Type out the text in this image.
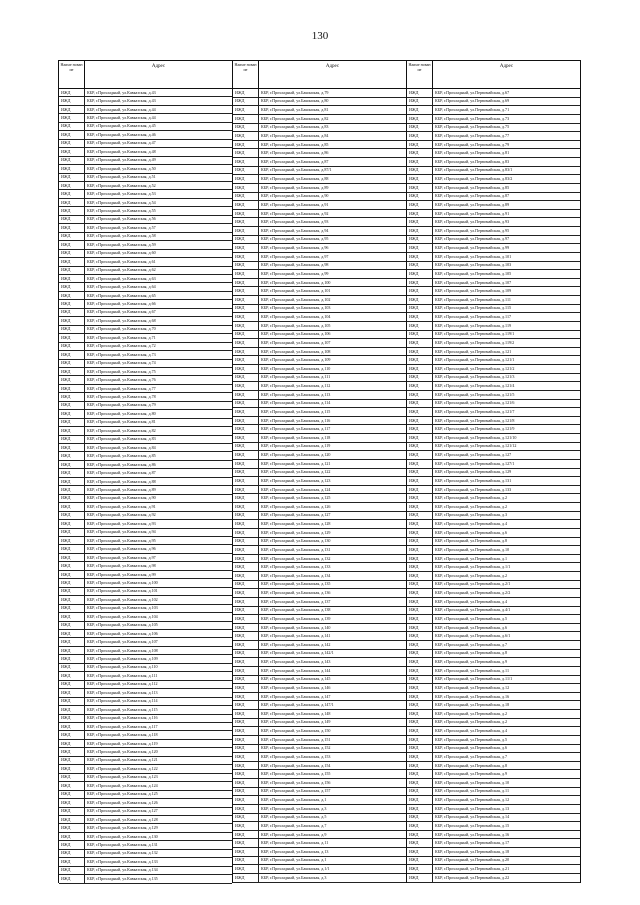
130
Наиме нован ие	Адрес
ИЖД	КБР, г.Прохладный, ул.Кавказская, д.43
ИЖД	КБР, г.Прохладный, ул.Кавказская, д.43
ИЖД	КБР, г.Прохладный, ул.Кавказская, д.44
ИЖД	КБР, г.Прохладный, ул.Кавказская, д.44
ИЖД	КБР, г.Прохладный, ул.Кавказская, д.45
ИЖД	КБР, г.Прохладный, ул.Кавказская, д.46
ИЖД	КБР, г.Прохладный, ул.Кавказская, д.47
ИЖД	КБР, г.Прохладный, ул.Кавказская, д.48
ИЖД	КБР, г.Прохладный, ул.Кавказская, д.49
ИЖД	КБР, г.Прохладный, ул.Кавказская, д.50
ИЖД	КБР, г.Прохладный, ул.Кавказская, д.51
ИЖД	КБР, г.Прохладный, ул.Кавказская, д.52
ИЖД	КБР, г.Прохладный, ул.Кавказская, д.53
ИЖД	КБР, г.Прохладный, ул.Кавказская, д.54
ИЖД	КБР, г.Прохладный, ул.Кавказская, д.55
ИЖД	КБР, г.Прохладный, ул.Кавказская, д.56
ИЖД	КБР, г.Прохладный, ул.Кавказская, д.57
ИЖД	КБР, г.Прохладный, ул.Кавказская, д.58
ИЖД	КБР, г.Прохладный, ул.Кавказская, д.59
ИЖД	КБР, г.Прохладный, ул.Кавказская, д.60
ИЖД	КБР, г.Прохладный, ул.Кавказская, д.61
ИЖД	КБР, г.Прохладный, ул.Кавказская, д.62
ИЖД	КБР, г.Прохладный, ул.Кавказская, д.63
ИЖД	КБР, г.Прохладный, ул.Кавказская, д.64
ИЖД	КБР, г.Прохладный, ул.Кавказская, д.65
ИЖД	КБР, г.Прохладный, ул.Кавказская, д.66
ИЖД	КБР, г.Прохладный, ул.Кавказская, д.67
ИЖД	КБР, г.Прохладный, ул.Кавказская, д.68
ИЖД	КБР, г.Прохладный, ул.Кавказская, д.70
ИЖД	КБР, г.Прохладный, ул.Кавказская, д.71
ИЖД	КБР, г.Прохладный, ул.Кавказская, д.72
ИЖД	КБР, г.Прохладный, ул.Кавказская, д.73
ИЖД	КБР, г.Прохладный, ул.Кавказская, д.74
ИЖД	КБР, г.Прохладный, ул.Кавказская, д.75
ИЖД	КБР, г.Прохладный, ул.Кавказская, д.76
ИЖД	КБР, г.Прохладный, ул.Кавказская, д.77
ИЖД	КБР, г.Прохладный, ул.Кавказская, д.78
ИЖД	КБР, г.Прохладный, ул.Кавказская, д.79
ИЖД	КБР, г.Прохладный, ул.Кавказская, д.80
ИЖД	КБР, г.Прохладный, ул.Кавказская, д.81
ИЖД	КБР, г.Прохладный, ул.Кавказская, д.82
ИЖД	КБР, г.Прохладный, ул.Кавказская, д.83
ИЖД	КБР, г.Прохладный, ул.Кавказская, д.84
ИЖД	КБР, г.Прохладный, ул.Кавказская, д.85
ИЖД	КБР, г.Прохладный, ул.Кавказская, д.86
ИЖД	КБР, г.Прохладный, ул.Кавказская, д.87
ИЖД	КБР, г.Прохладный, ул.Кавказская, д.88
ИЖД	КБР, г.Прохладный, ул.Кавказская, д.89
ИЖД	КБР, г.Прохладный, ул.Кавказская, д.90
ИЖД	КБР, г.Прохладный, ул.Кавказская, д.91
ИЖД	КБР, г.Прохладный, ул.Кавказская, д.92
ИЖД	КБР, г.Прохладный, ул.Кавказская, д.93
ИЖД	КБР, г.Прохладный, ул.Кавказская, д.94
ИЖД	КБР, г.Прохладный, ул.Кавказская, д.95
ИЖД	КБР, г.Прохладный, ул.Кавказская, д.96
ИЖД	КБР, г.Прохладный, ул.Кавказская, д.97
ИЖД	КБР, г.Прохладный, ул.Кавказская, д.98
ИЖД	КБР, г.Прохладный, ул.Кавказская, д.99
ИЖД	КБР, г.Прохладный, ул.Кавказская, д.100
ИЖД	КБР, г.Прохладный, ул.Кавказская, д.101
ИЖД	КБР, г.Прохладный, ул.Кавказская, д.102
ИЖД	КБР, г.Прохладный, ул.Кавказская, д.103
ИЖД	КБР, г.Прохладный, ул.Кавказская, д.104
ИЖД	КБР, г.Прохладный, ул.Кавказская, д.105
ИЖД	КБР, г.Прохладный, ул.Кавказская, д.106
ИЖД	КБР, г.Прохладный, ул.Кавказская, д.107
ИЖД	КБР, г.Прохладный, ул.Кавказская, д.108
ИЖД	КБР, г.Прохладный, ул.Кавказская, д.109
ИЖД	КБР, г.Прохладный, ул.Кавказская, д.110
ИЖД	КБР, г.Прохладный, ул.Кавказская, д.111
ИЖД	КБР, г.Прохладный, ул.Кавказская, д.112
ИЖД	КБР, г.Прохладный, ул.Кавказская, д.113
ИЖД	КБР, г.Прохладный, ул.Кавказская, д.114
ИЖД	КБР, г.Прохладный, ул.Кавказская, д.115
ИЖД	КБР, г.Прохладный, ул.Кавказская, д.116
ИЖД	КБР, г.Прохладный, ул.Кавказская, д.117
ИЖД	КБР, г.Прохладный, ул.Кавказская, д.118
ИЖД	КБР, г.Прохладный, ул.Кавказская, д.119
ИЖД	КБР, г.Прохладный, ул.Кавказская, д.120
ИЖД	КБР, г.Прохладный, ул.Кавказская, д.121
ИЖД	КБР, г.Прохладный, ул.Кавказская, д.122
ИЖД	КБР, г.Прохладный, ул.Кавказская, д.123
ИЖД	КБР, г.Прохладный, ул.Кавказская, д.124
ИЖД	КБР, г.Прохладный, ул.Кавказская, д.125
ИЖД	КБР, г.Прохладный, ул.Кавказская, д.126
ИЖД	КБР, г.Прохладный, ул.Кавказская, д.127
ИЖД	КБР, г.Прохладный, ул.Кавказская, д.128
ИЖД	КБР, г.Прохладный, ул.Кавказская, д.129
ИЖД	КБР, г.Прохладный, ул.Кавказская, д.130
ИЖД	КБР, г.Прохладный, ул.Кавказская, д.131
ИЖД	КБР, г.Прохладный, ул.Кавказская, д.132
ИЖД	КБР, г.Прохладный, ул.Кавказская, д.133
ИЖД	КБР, г.Прохладный, ул.Кавказская, д.134
ИЖД	КБР, г.Прохладный, ул.Кавказская, д.135
Наиме нован ие	Адрес
ИЖД	КБР, г.Прохладный, ул.Бакинская, д.79
ИЖД	КБР, г.Прохладный, ул.Бакинская, д.80
ИЖД	КБР, г.Прохладный, ул.Бакинская, д.81
ИЖД	КБР, г.Прохладный, ул.Бакинская, д.82
ИЖД	КБР, г.Прохладный, ул.Бакинская, д.83
ИЖД	КБР, г.Прохладный, ул.Бакинская, д.84
ИЖД	КБР, г.Прохладный, ул.Бакинская, д.85
ИЖД	КБР, г.Прохладный, ул.Бакинская, д.86
ИЖД	КБР, г.Прохладный, ул.Бакинская, д.87
ИЖД	КБР, г.Прохладный, ул.Бакинская, д.87/1
ИЖД	КБР, г.Прохладный, ул.Бакинская, д.88
ИЖД	КБР, г.Прохладный, ул.Бакинская, д.89
ИЖД	КБР, г.Прохладный, ул.Бакинская, д.90
ИЖД	КБР, г.Прохладный, ул.Бакинская, д.91
ИЖД	КБР, г.Прохладный, ул.Бакинская, д.92
ИЖД	КБР, г.Прохладный, ул.Бакинская, д.93
ИЖД	КБР, г.Прохладный, ул.Бакинская, д.94
ИЖД	КБР, г.Прохладный, ул.Бакинская, д.95
ИЖД	КБР, г.Прохладный, ул.Бакинская, д.96
ИЖД	КБР, г.Прохладный, ул.Бакинская, д.97
ИЖД	КБР, г.Прохладный, ул.Бакинская, д.98
ИЖД	КБР, г.Прохладный, ул.Бакинская, д.99
ИЖД	КБР, г.Прохладный, ул.Бакинская, д.100
ИЖД	КБР, г.Прохладный, ул.Бакинская, д.101
ИЖД	КБР, г.Прохладный, ул.Бакинская, д.102
ИЖД	КБР, г.Прохладный, ул.Бакинская, д.103
ИЖД	КБР, г.Прохладный, ул.Бакинская, д.104
ИЖД	КБР, г.Прохладный, ул.Бакинская, д.105
ИЖД	КБР, г.Прохладный, ул.Бакинская, д.106
ИЖД	КБР, г.Прохладный, ул.Бакинская, д.107
ИЖД	КБР, г.Прохладный, ул.Бакинская, д.108
ИЖД	КБР, г.Прохладный, ул.Бакинская, д.109
ИЖД	КБР, г.Прохладный, ул.Бакинская, д.110
ИЖД	КБР, г.Прохладный, ул.Бакинская, д.111
ИЖД	КБР, г.Прохладный, ул.Бакинская, д.112
ИЖД	КБР, г.Прохладный, ул.Бакинская, д.113
ИЖД	КБР, г.Прохладный, ул.Бакинская, д.114
ИЖД	КБР, г.Прохладный, ул.Бакинская, д.115
ИЖД	КБР, г.Прохладный, ул.Бакинская, д.116
ИЖД	КБР, г.Прохладный, ул.Бакинская, д.117
ИЖД	КБР, г.Прохладный, ул.Бакинская, д.118
ИЖД	КБР, г.Прохладный, ул.Бакинская, д.119
ИЖД	КБР, г.Прохладный, ул.Бакинская, д.120
ИЖД	КБР, г.Прохладный, ул.Бакинская, д.121
ИЖД	КБР, г.Прохладный, ул.Бакинская, д.122
ИЖД	КБР, г.Прохладный, ул.Бакинская, д.123
ИЖД	КБР, г.Прохладный, ул.Бакинская, д.124
ИЖД	КБР, г.Прохладный, ул.Бакинская, д.125
ИЖД	КБР, г.Прохладный, ул.Бакинская, д.126
ИЖД	КБР, г.Прохладный, ул.Бакинская, д.127
ИЖД	КБР, г.Прохладный, ул.Бакинская, д.128
ИЖД	КБР, г.Прохладный, ул.Бакинская, д.129
ИЖД	КБР, г.Прохладный, ул.Бакинская, д.130
ИЖД	КБР, г.Прохладный, ул.Бакинская, д.131
ИЖД	КБР, г.Прохладный, ул.Бакинская, д.132
ИЖД	КБР, г.Прохладный, ул.Бакинская, д.133
ИЖД	КБР, г.Прохладный, ул.Бакинская, д.134
ИЖД	КБР, г.Прохладный, ул.Бакинская, д.135
ИЖД	КБР, г.Прохладный, ул.Бакинская, д.136
ИЖД	КБР, г.Прохладный, ул.Бакинская, д.137
ИЖД	КБР, г.Прохладный, ул.Бакинская, д.138
ИЖД	КБР, г.Прохладный, ул.Бакинская, д.139
ИЖД	КБР, г.Прохладный, ул.Бакинская, д.140
ИЖД	КБР, г.Прохладный, ул.Бакинская, д.141
ИЖД	КБР, г.Прохладный, ул.Бакинская, д.142
ИЖД	КБР, г.Прохладный, ул.Бакинская, д.142/1
ИЖД	КБР, г.Прохладный, ул.Бакинская, д.143
ИЖД	КБР, г.Прохладный, ул.Бакинская, д.144
ИЖД	КБР, г.Прохладный, ул.Бакинская, д.145
ИЖД	КБР, г.Прохладный, ул.Бакинская, д.146
ИЖД	КБР, г.Прохладный, ул.Бакинская, д.147
ИЖД	КБР, г.Прохладный, ул.Бакинская, д.147/1
ИЖД	КБР, г.Прохладный, ул.Бакинская, д.148
ИЖД	КБР, г.Прохладный, ул.Бакинская, д.149
ИЖД	КБР, г.Прохладный, ул.Бакинская, д.150
ИЖД	КБР, г.Прохладный, ул.Бакинская, д.151
ИЖД	КБР, г.Прохладный, ул.Бакинская, д.152
ИЖД	КБР, г.Прохладный, ул.Бакинская, д.153
ИЖД	КБР, г.Прохладный, ул.Бакинская, д.154
ИЖД	КБР, г.Прохладный, ул.Бакинская, д.155
ИЖД	КБР, г.Прохладный, ул.Бакинская, д.156
ИЖД	КБР, г.Прохладный, ул.Бакинская, д.157
ИЖД	КБР, г.Прохладный, ул.Бакинская, д.1
ИЖД	КБР, г.Прохладный, ул.Бакинская, д.3
ИЖД	КБР, г.Прохладный, ул.Бакинская, д.5
ИЖД	КБР, г.Прохладный, ул.Бакинская, д.7
ИЖД	КБР, г.Прохладный, ул.Бакинская, д.9
ИЖД	КБР, г.Прохладный, ул.Бакинская, д.11
ИЖД	КБР, г.Прохладный, ул.Бакинская, д.13
ИЖД	КБР, г.Прохладный, ул.Бакинская, д.1
ИЖД	КБР, г.Прохладный, ул.Бакинская, д.1/1
ИЖД	КБР, г.Прохладный, ул.Бакинская, д.3
Наиме нован ие	Адрес
ИЖД	КБР, г.Прохладный, ул.Первомайская, д.67
ИЖД	КБР, г.Прохладный, ул.Первомайская, д.69
ИЖД	КБР, г.Прохладный, ул.Первомайская, д.71
ИЖД	КБР, г.Прохладный, ул.Первомайская, д.73
ИЖД	КБР, г.Прохладный, ул.Первомайская, д.75
ИЖД	КБР, г.Прохладный, ул.Первомайская, д.77
ИЖД	КБР, г.Прохладный, ул.Первомайская, д.79
ИЖД	КБР, г.Прохладный, ул.Первомайская, д.81
ИЖД	КБР, г.Прохладный, ул.Первомайская, д.83
ИЖД	КБР, г.Прохладный, ул.Первомайская, д.83/1
ИЖД	КБР, г.Прохладный, ул.Первомайская, д.83/2
ИЖД	КБР, г.Прохладный, ул.Первомайская, д.85
ИЖД	КБР, г.Прохладный, ул.Первомайская, д.87
ИЖД	КБР, г.Прохладный, ул.Первомайская, д.89
ИЖД	КБР, г.Прохладный, ул.Первомайская, д.91
ИЖД	КБР, г.Прохладный, ул.Первомайская, д.93
ИЖД	КБР, г.Прохладный, ул.Первомайская, д.95
ИЖД	КБР, г.Прохладный, ул.Первомайская, д.97
ИЖД	КБР, г.Прохладный, ул.Первомайская, д.99
ИЖД	КБР, г.Прохладный, ул.Первомайская, д.101
ИЖД	КБР, г.Прохладный, ул.Первомайская, д.103
ИЖД	КБР, г.Прохладный, ул.Первомайская, д.105
ИЖД	КБР, г.Прохладный, ул.Первомайская, д.107
ИЖД	КБР, г.Прохладный, ул.Первомайская, д.109
ИЖД	КБР, г.Прохладный, ул.Первомайская, д.111
ИЖД	КБР, г.Прохладный, ул.Первомайская, д.115
ИЖД	КБР, г.Прохладный, ул.Первомайская, д.117
ИЖД	КБР, г.Прохладный, ул.Первомайская, д.119
ИЖД	КБР, г.Прохладный, ул.Первомайская, д.119/1
ИЖД	КБР, г.Прохладный, ул.Первомайская, д.119/2
ИЖД	КБР, г.Прохладный, ул.Первомайская, д.121
ИЖД	КБР, г.Прохладный, ул.Первомайская, д.121/1
ИЖД	КБР, г.Прохладный, ул.Первомайская, д.121/2
ИЖД	КБР, г.Прохладный, ул.Первомайская, д.121/3
ИЖД	КБР, г.Прохладный, ул.Первомайская, д.121/4
ИЖД	КБР, г.Прохладный, ул.Первомайская, д.121/5
ИЖД	КБР, г.Прохладный, ул.Первомайская, д.121/6
ИЖД	КБР, г.Прохладный, ул.Первомайская, д.121/7
ИЖД	КБР, г.Прохладный, ул.Первомайская, д.121/8
ИЖД	КБР, г.Прохладный, ул.Первомайская, д.121/9
ИЖД	КБР, г.Прохладный, ул.Первомайская, д.121/10
ИЖД	КБР, г.Прохладный, ул.Первомайская, д.121/12
ИЖД	КБР, г.Прохладный, ул.Первомайская, д.127
ИЖД	КБР, г.Прохладный, ул.Первомайская, д.127/1
ИЖД	КБР, г.Прохладный, ул.Первомайская, д.129
ИЖД	КБР, г.Прохладный, ул.Первомайская, д.131
ИЖД	КБР, г.Прохладный, ул.Первомайская, д.133
ИЖД	КБР, г.Прохладный, ул.Первомайская, д.2
ИЖД	КБР, г.Прохладный, ул.Первомайская, д.2
ИЖД	КБР, г.Прохладный, ул.Первомайская, д.3
ИЖД	КБР, г.Прохладный, ул.Первомайская, д.4
ИЖД	КБР, г.Прохладный, ул.Первомайская, д.6
ИЖД	КБР, г.Прохладный, ул.Первомайская, д.8
ИЖД	КБР, г.Прохладный, ул.Первомайская, д.10
ИЖД	КБР, г.Прохладный, ул.Первомайская, д.1
ИЖД	КБР, г.Прохладный, ул.Первомайская, д.1/1
ИЖД	КБР, г.Прохладный, ул.Первомайская, д.2
ИЖД	КБР, г.Прохладный, ул.Первомайская, д.2/1
ИЖД	КБР, г.Прохладный, ул.Первомайская, д.2/2
ИЖД	КБР, г.Прохладный, ул.Первомайская, д.4
ИЖД	КБР, г.Прохладный, ул.Первомайская, д.4/1
ИЖД	КБР, г.Прохладный, ул.Первомайская, д.5
ИЖД	КБР, г.Прохладный, ул.Первомайская, д.6
ИЖД	КБР, г.Прохладный, ул.Первомайская, д.6/1
ИЖД	КБР, г.Прохладный, ул.Первомайская, д.7
ИЖД	КБР, г.Прохладный, ул.Первомайская, д.8
ИЖД	КБР, г.Прохладный, ул.Первомайская, д.9
ИЖД	КБР, г.Прохладный, ул.Первомайская, д.11
ИЖД	КБР, г.Прохладный, ул.Первомайская, д.11/1
ИЖД	КБР, г.Прохладный, ул.Первомайская, д.12
ИЖД	КБР, г.Прохладный, ул.Первомайская, д.16
ИЖД	КБР, г.Прохладный, ул.Первомайская, д.18
ИЖД	КБР, г.Прохладный, ул.Первомайская, д.2
ИЖД	КБР, г.Прохладный, ул.Первомайская, д.2
ИЖД	КБР, г.Прохладный, ул.Первомайская, д.4
ИЖД	КБР, г.Прохладный, ул.Первомайская, д.5
ИЖД	КБР, г.Прохладный, ул.Первомайская, д.6
ИЖД	КБР, г.Прохладный, ул.Первомайская, д.7
ИЖД	КБР, г.Прохладный, ул.Первомайская, д.8
ИЖД	КБР, г.Прохладный, ул.Первомайская, д.9
ИЖД	КБР, г.Прохладный, ул.Первомайская, д.10
ИЖД	КБР, г.Прохладный, ул.Первомайская, д.11
ИЖД	КБР, г.Прохладный, ул.Первомайская, д.12
ИЖД	КБР, г.Прохладный, ул.Первомайская, д.13
ИЖД	КБР, г.Прохладный, ул.Первомайская, д.14
ИЖД	КБР, г.Прохладный, ул.Первомайская, д.15
ИЖД	КБР, г.Прохладный, ул.Первомайская, д.16
ИЖД	КБР, г.Прохладный, ул.Первомайская, д.17
ИЖД	КБР, г.Прохладный, ул.Первомайская, д.18
ИЖД	КБР, г.Прохладный, ул.Первомайская, д.20
ИЖД	КБР, г.Прохладный, ул.Первомайская, д.21
ИЖД	КБР, г.Прохладный, ул.Первомайская, д.22
